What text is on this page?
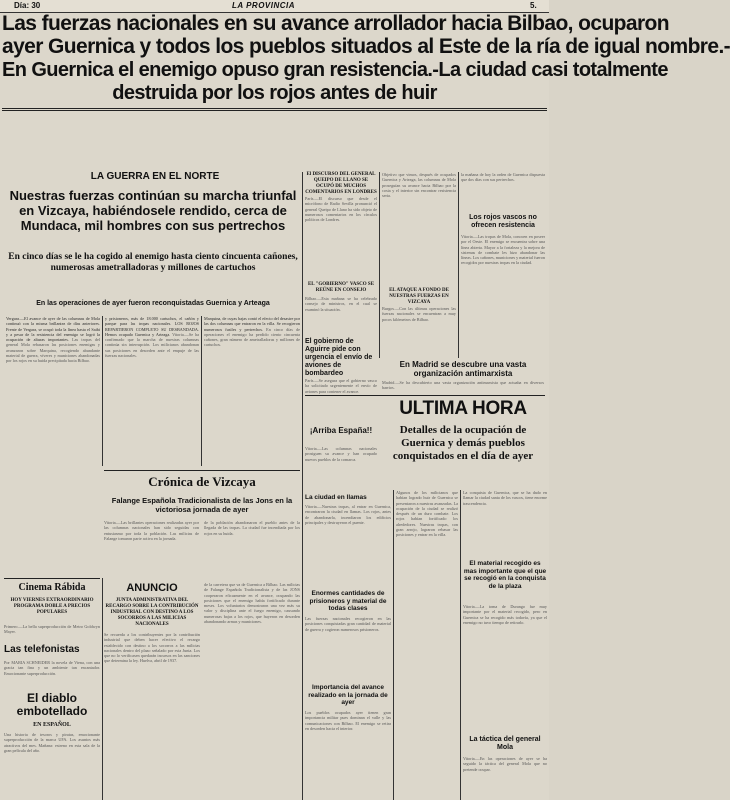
Día: 30	LA PROVINCIA	5.
Las fuerzas nacionales en su avance arrollador hacia Bilbao, ocuparon
ayer Guernica y todos los pueblos situados al Este de la ría de igual nombre.-
En Guernica el enemigo opuso gran resistencia.-La ciudad casi totalmente
destruida por los rojos antes de huir
LA GUERRA EN EL NORTE
Nuestras fuerzas continúan su marcha triunfal en Vizcaya, habiéndosele rendido, cerca de Mundaca, mil hombres con sus pertrechos
En cinco días se le ha cogido al enemigo hasta ciento cincuenta cañones, numerosas ametralladoras y millones de cartuchos
En las operaciones de ayer fueron reconquistadas Guernica y Arteaga
Vergara.—El avance de ayer de las columnas de Mola continuó con la misma brillantez de días anteriores. Frente de Vergara, se ocupó toda la línea hasta el Saibi y a pesar de la resistencia del enemigo se logró la ocupación de alturas importantes. Las tropas del general Mola rebasaron las posiciones enemigas y avanzaron sobre Marquina, recogiendo abundante material de guerra, víveres y municiones abandonadas por los rojos en su huida precipitada hacia Bilbao.
y prisioneros, más de 18.000 cartuchos, el cañón y parque para las tropas nacionales. LOS ROJOS REPARTIERON COMPLETO SU DESBANDADA. Hemos ocupado Guernica y Arteaga. Vitoria.—Se ha confirmado que la marcha de nuestras columnas continúa sin interrupción. Los milicianos abandonan sus posiciones en desorden ante el empuje de las fuerzas nacionales.
Marquina, de cuyas bajas contó el efecto del desastre por las dos columnas que entraron en la villa. Se recogieron numerosos fusiles y pertrechos. En cinco días de operaciones el enemigo ha perdido ciento cincuenta cañones, gran número de ametralladoras y millones de cartuchos.
Crónica de Vizcaya
Falange Española Tradicionalista de las Jons en la victoriosa jornada de ayer
Vitoria.—Las brillantes operaciones realizadas ayer por las columnas nacionales han sido seguidas con entusiasmo por toda la población. Las milicias de Falange tomaron parte activa en la jornada.
de la población abandonaron el pueblo antes de la llegada de las tropas. La ciudad fue incendiada por los rojos en su huida.
Cinema Rábida
HOY VIERNES EXTRAORDINARIO PROGRAMA DOBLE A PRECIOS POPULARES
Primero.—La bella superproducción de Metro Goldwyn Mayer.
Las telefonistas
Por MARIA SCHNEIDER la novela de Viena, con una gracia tan fina y un ambiente tan encantador. Emocionante superproducción.
El diablo embotellado
EN ESPAÑOL
Una historia de tesoros y piratas, emocionante superproducción de la marca UFA. Los asuntos más atractivos del mes. Mañana: estreno en esta sala de la gran película del año.
ANUNCIO
JUNTA ADMINISTRATIVA DEL RECARGO SOBRE LA CONTRIBUCIÓN INDUSTRIAL CON DESTINO A LOS SOCORROS A LAS MILICIAS NACIONALES
Se recuerda a los contribuyentes por la contribución industrial que deben hacer efectivo el recargo establecido con destino a los socorros a las milicias nacionales dentro del plazo señalado por esta Junta. Los que no lo verificasen quedarán incursos en las sanciones que determina la ley. Huelva, abril de 1937.
de la carretera que va de Guernica a Bilbao. Las milicias de Falange Española Tradicionalista y de las JONS cooperaron eficazmente en el avance, ocupando las posiciones que el enemigo había fortificado durante meses. Los voluntarios demostraron una vez más su valor y disciplina ante el fuego enemigo, causando numerosas bajas a los rojos, que huyeron en desorden abandonando armas y municiones.
El DISCURSO DEL GENERAL QUEIPO DE LLANO SE OCUPÓ DE MUCHOS COMENTARIOS EN LONDRES
París.—El discurso que desde el micrófono de Radio Sevilla pronunció el general Queipo de Llano ha sido objeto de numerosos comentarios en los círculos políticos de Londres.
EL "GOBIERNO" VASCO SE REÚNE EN CONSEJO
Bilbao.—Esta mañana se ha celebrado consejo de ministros, en el cual se examinó la situación.
El gobierno de Aguirre pide con urgencia el envío de aviones de bombardeo
París.—Se asegura que el gobierno vasco ha solicitado urgentemente el envío de aviones para contener el avance.
¡Arriba España!!
Objetivo que vimos, después de ocupados Guernica y Arteaga, las columnas de Mola proseguían su avance hacia Bilbao por la costa y el interior sin encontrar resistencia seria.
EL ATAQUE A FONDO DE NUESTRAS FUERZAS EN VIZCAYA
Burgos.—Con las últimas operaciones las fuerzas nacionales se encuentran a muy pocos kilómetros de Bilbao.
la mañana de hoy la orden de Guernica dispuesta que dos días con sus pertrechos.
Los rojos vascos no ofrecen resistencia
Vitoria.—Las tropas de Mola, conocen en poseer por el Oeste. El enemigo se encuentra sobre una línea abierta. Mayor a la fortaleza y la mejora de sistemas de combate les hizo abandonar las líneas. Los cañones, municiones y material fueron recogidos por nuestras tropas en la ciudad.
En Madrid se descubre una vasta organización antimarxista
Madrid.—Se ha descubierto una vasta organización antimarxista que actuaba en diversos barrios.
ULTIMA HORA
Detalles de la ocupación de Guernica y demás pueblos conquistados en el día de ayer
Vitoria.—Las columnas nacionales prosiguen su avance y han ocupado nuevos pueblos de la comarca.
La ciudad en llamas
Vitoria.—Nuestras tropas, al entrar en Guernica, encontraron la ciudad en llamas. Los rojos, antes de abandonarla, incendiaron los edificios principales y destruyeron el puente.
Enormes cantidades de prisioneros y material de todas clases
Las fuerzas nacionales recogieron en las posiciones conquistadas gran cantidad de material de guerra y cogieron numerosos prisioneros.
Importancia del avance realizado en la jornada de ayer
Los pueblos ocupados ayer tienen gran importancia militar pues dominan el valle y las comunicaciones con Bilbao. El enemigo se retira en desorden hacia el interior.
Algunos de los milicianos que habían logrado huir de Guernica se presentaron a nuestras avanzadas. La ocupación de la ciudad se realizó después de un duro combate. Los rojos habían fortificado los alrededores. Nuestras tropas, con gran arrojo, lograron rebasar las posiciones y entrar en la villa.
La conquista de Guernica, que se ha dado en llamar la ciudad santa de los vascos, tiene enorme trascendencia.
El material recogido es mas importante que el que se recogió en la conquista de la plaza
Vitoria.—La toma de Durango fue muy importante por el material recogido, pero en Guernica se ha recogido más todavía, ya que el enemigo no tuvo tiempo de retirarlo.
La táctica del general Mola
Vitoria.—En las operaciones de ayer se ha seguido la táctica del general Mola que no pretende ocupar.
